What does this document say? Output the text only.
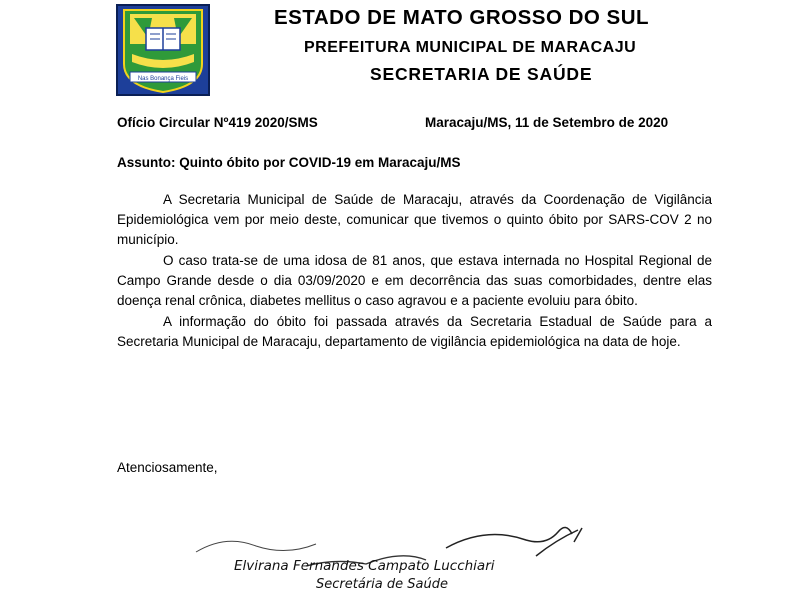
Nas Bonança Fieis
ESTADO DE MATO GROSSO DO SUL
PREFEITURA MUNICIPAL DE MARACAJU
SECRETARIA DE SAÚDE
Ofício Circular Nº419 2020/SMS	Maracaju/MS, 11 de Setembro de 2020
Assunto: Quinto óbito por COVID-19 em Maracaju/MS

A Secretaria Municipal de Saúde de Maracaju, através da Coordenação de Vigilância Epidemiológica vem por meio deste, comunicar que tivemos o quinto óbito por SARS-COV 2 no município.

O caso trata-se de uma idosa de 81 anos, que estava internada no Hospital Regional de Campo Grande desde o dia 03/09/2020 e em decorrência das suas comorbidades, dentre elas doença renal crônica, diabetes mellitus o caso agravou e a paciente evoluiu para óbito.

A informação do óbito foi passada através da Secretaria Estadual de Saúde para a Secretaria Municipal de Maracaju, departamento de vigilância epidemiológica na data de hoje.

Atenciosamente,
Elvirana Fernandes Campato Lucchiari
Secretária de Saúde
